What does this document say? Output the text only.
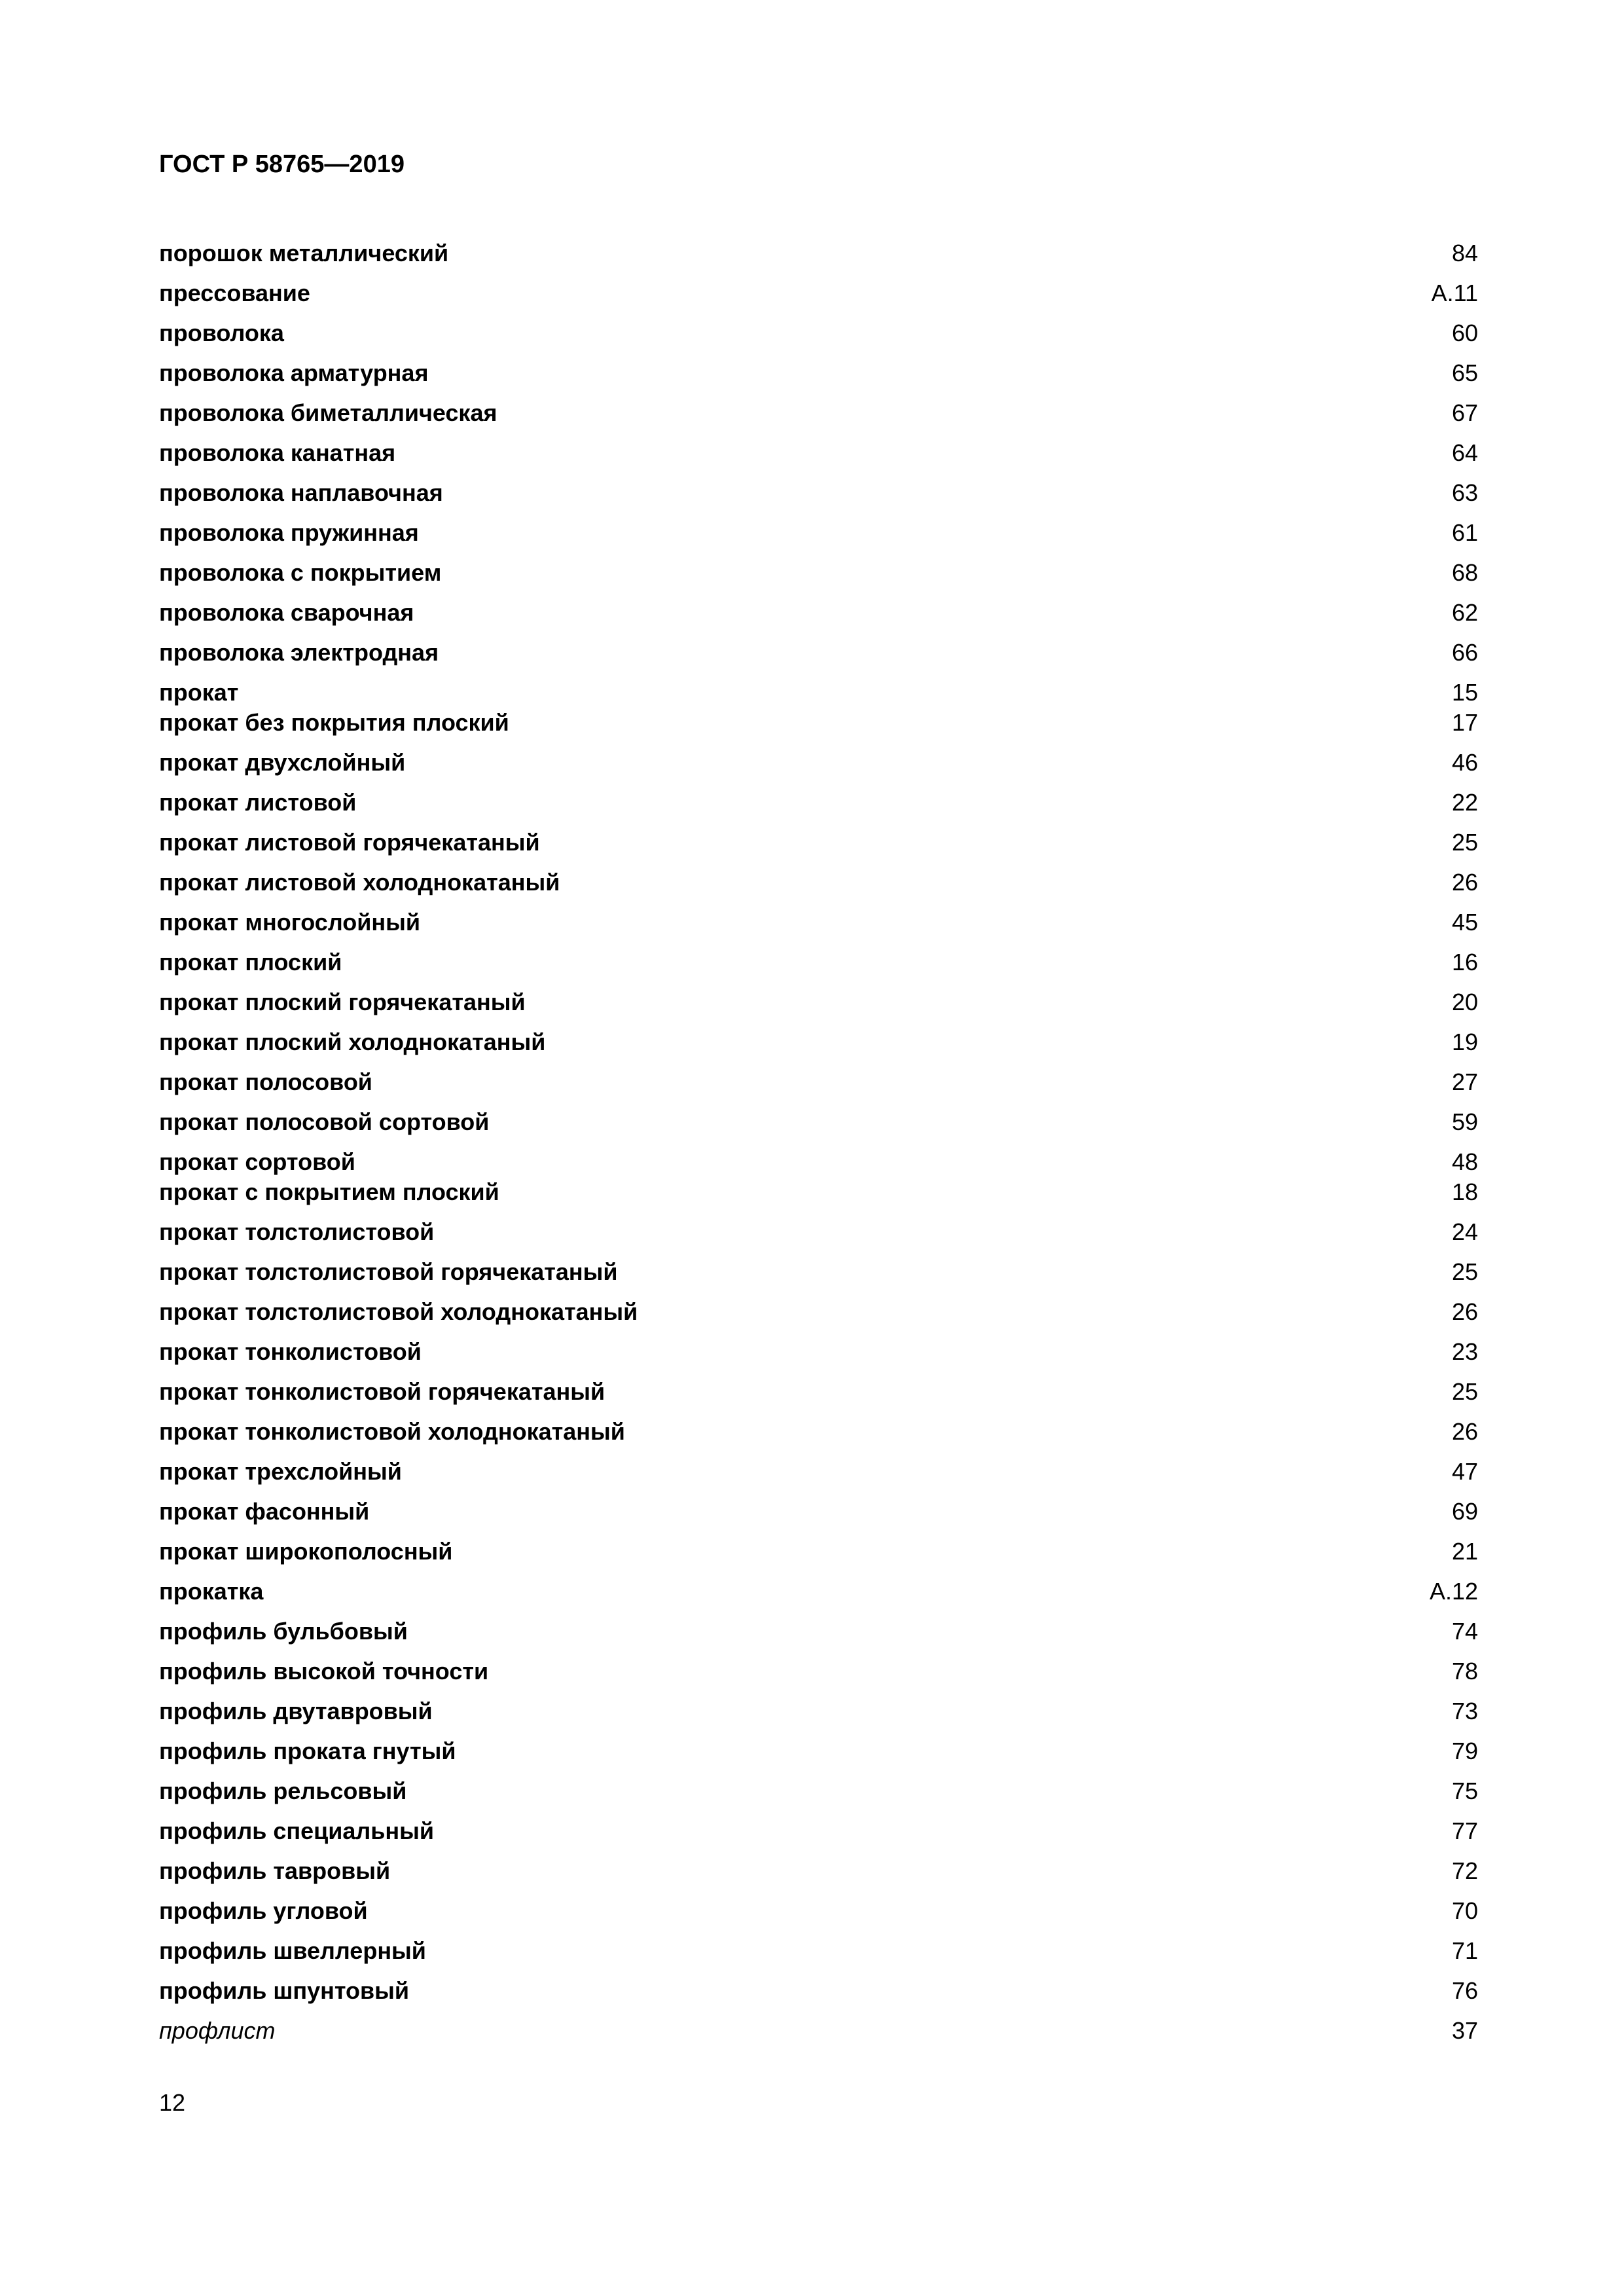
ГОСТ Р 58765—2019
порошок металлический	84
прессование	А.11
проволока	60
проволока арматурная	65
проволока биметаллическая	67
проволока канатная	64
проволока наплавочная	63
проволока пружинная	61
проволока с покрытием	68
проволока сварочная	62
проволока электродная	66
прокат	15
прокат без покрытия плоский	17
прокат двухслойный	46
прокат листовой	22
прокат листовой горячекатаный	25
прокат листовой холоднокатаный	26
прокат многослойный	45
прокат плоский	16
прокат плоский горячекатаный	20
прокат плоский холоднокатаный	19
прокат полосовой	27
прокат полосовой сортовой	59
прокат сортовой	48
прокат с покрытием плоский	18
прокат толстолистовой	24
прокат толстолистовой горячекатаный	25
прокат толстолистовой холоднокатаный	26
прокат тонколистовой	23
прокат тонколистовой горячекатаный	25
прокат тонколистовой холоднокатаный	26
прокат трехслойный	47
прокат фасонный	69
прокат широкополосный	21
прокатка	А.12
профиль бульбовый	74
профиль высокой точности	78
профиль двутавровый	73
профиль проката гнутый	79
профиль рельсовый	75
профиль специальный	77
профиль тавровый	72
профиль угловой	70
профиль швеллерный	71
профиль шпунтовый	76
профлист	37
12
